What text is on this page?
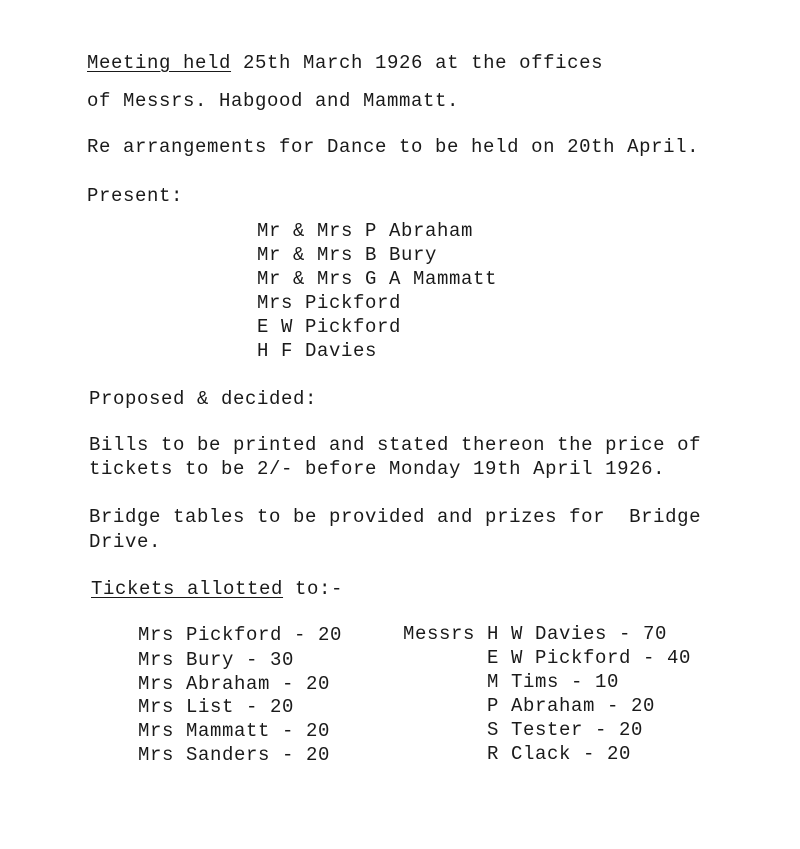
Meeting held 25th March 1926 at the offices
of Messrs. Habgood and Mammatt.
Re arrangements for Dance to be held on 20th April.
Present:
Mr & Mrs P Abraham
Mr & Mrs B Bury
Mr & Mrs G A Mammatt
Mrs Pickford
E W Pickford
H F Davies
Proposed & decided:
Bills to be printed and stated thereon the price of
tickets to be 2/- before Monday 19th April 1926.
Bridge tables to be provided and prizes for  Bridge
Drive.
Tickets allotted to:-
Mrs Pickford - 20
Mrs Bury - 30
Mrs Abraham - 20
Mrs List - 20
Mrs Mammatt - 20
Mrs Sanders - 20
Messrs H W Davies - 70
E W Pickford - 40
M Tims - 10
P Abraham - 20
S Tester - 20
R Clack - 20
